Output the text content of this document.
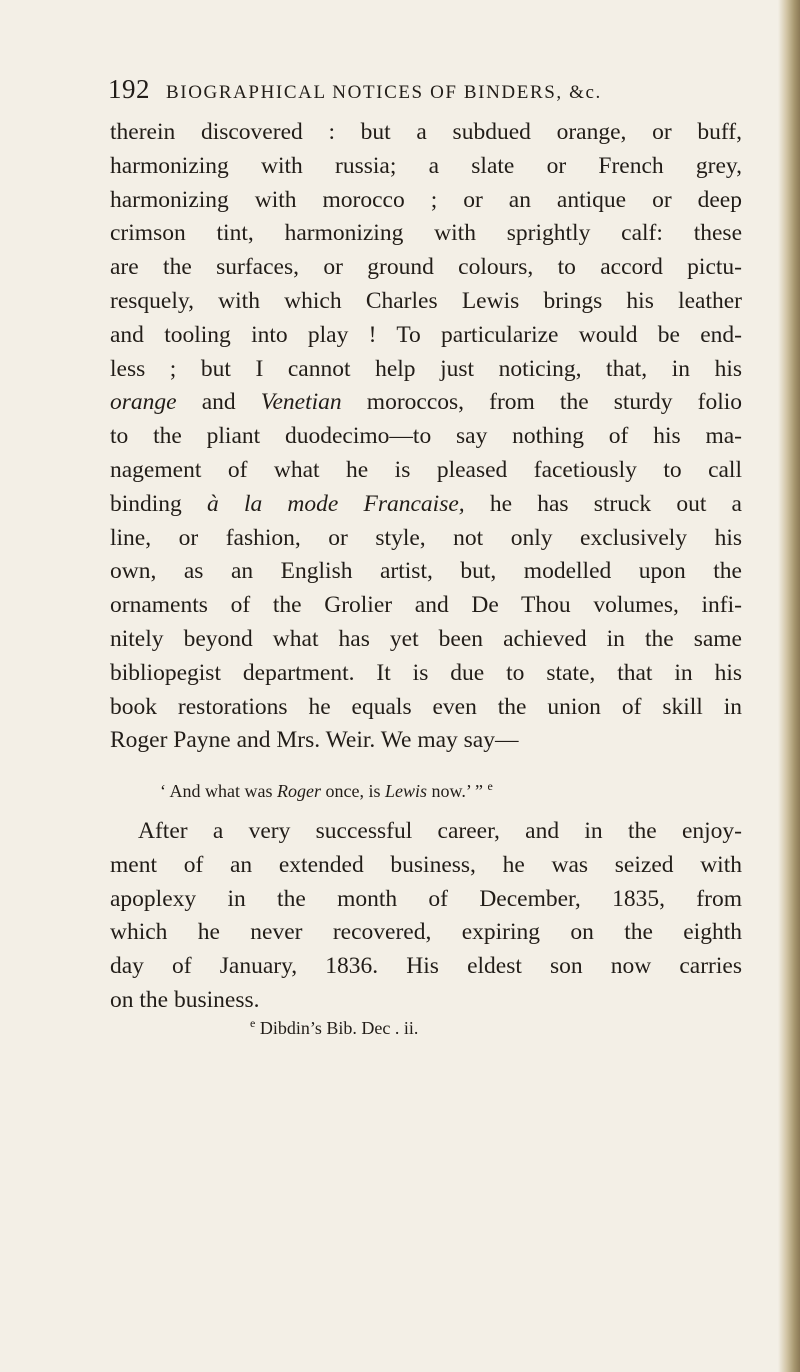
192 BIOGRAPHICAL NOTICES OF BINDERS, &c.
therein discovered : but a subdued orange, or buff,
harmonizing with russia; a slate or French grey,
harmonizing with morocco ; or an antique or deep
crimson tint, harmonizing with sprightly calf: these
are the surfaces, or ground colours, to accord pictu-
resquely, with which Charles Lewis brings his leather
and tooling into play ! To particularize would be end-
less ; but I cannot help just noticing, that, in his
orange and Venetian moroccos, from the sturdy folio
to the pliant duodecimo—to say nothing of his ma-
nagement of what he is pleased facetiously to call
binding à la mode Francaise, he has struck out a
line, or fashion, or style, not only exclusively his
own, as an English artist, but, modelled upon the
ornaments of the Grolier and De Thou volumes, infi-
nitely beyond what has yet been achieved in the same
bibliopegist department. It is due to state, that in his
book restorations he equals even the union of skill in
Roger Payne and Mrs. Weir. We may say—
‘ And what was Roger once, is Lewis now.’ ” $^e$
After a very successful career, and in the enjoy-
ment of an extended business, he was seized with
apoplexy in the month of December, 1835, from
which he never recovered, expiring on the eighth
day of January, 1836. His eldest son now carries
on the business.
$^e$ Dibdin’s Bib. Dec . ii.
